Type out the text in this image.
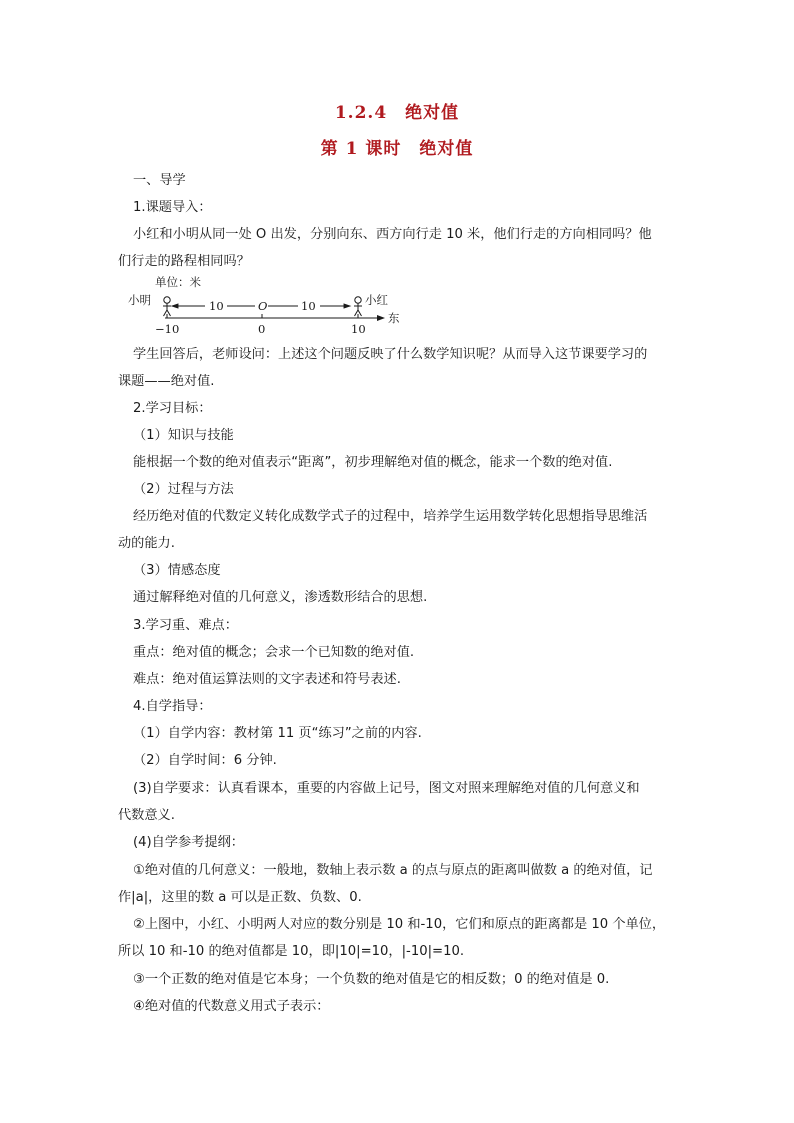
1.2.4　绝对值
第 1 课时　绝对值
一、导学
1.课题导入：
小红和小明从同一处 O 出发，分别向东、西方向行走 10 米，他们行走的方向相同吗？他
们行走的路程相同吗？
学生回答后，老师设问：上述这个问题反映了什么数学知识呢？从而导入这节课要学习的
课题——绝对值.
2.学习目标：
（1）知识与技能
能根据一个数的绝对值表示“距离”，初步理解绝对值的概念，能求一个数的绝对值.
（2）过程与方法
经历绝对值的代数定义转化成数学式子的过程中，培养学生运用数学转化思想指导思维活
动的能力.
（3）情感态度
通过解释绝对值的几何意义，渗透数形结合的思想.
3.学习重、难点：
重点：绝对值的概念；会求一个已知数的绝对值.
难点：绝对值运算法则的文字表述和符号表述.
4.自学指导：
（1）自学内容：教材第 11 页“练习”之前的内容.
（2）自学时间：6 分钟.
(3)自学要求：认真看课本，重要的内容做上记号，图文对照来理解绝对值的几何意义和
代数意义.
(4)自学参考提纲：
①绝对值的几何意义：一般地，数轴上表示数 a 的点与原点的距离叫做数 a 的绝对值，记
作|a|，这里的数 a 可以是正数、负数、0.
②上图中，小红、小明两人对应的数分别是 10 和-10，它们和原点的距离都是 10 个单位，
所以 10 和-10 的绝对值都是 10，即|10|=10，|-10|=10.
③一个正数的绝对值是它本身；一个负数的绝对值是它的相反数；0 的绝对值是 0.
④绝对值的代数意义用式子表示：
单位：米
小明	小红
10	O	10
东
−10	0	10
